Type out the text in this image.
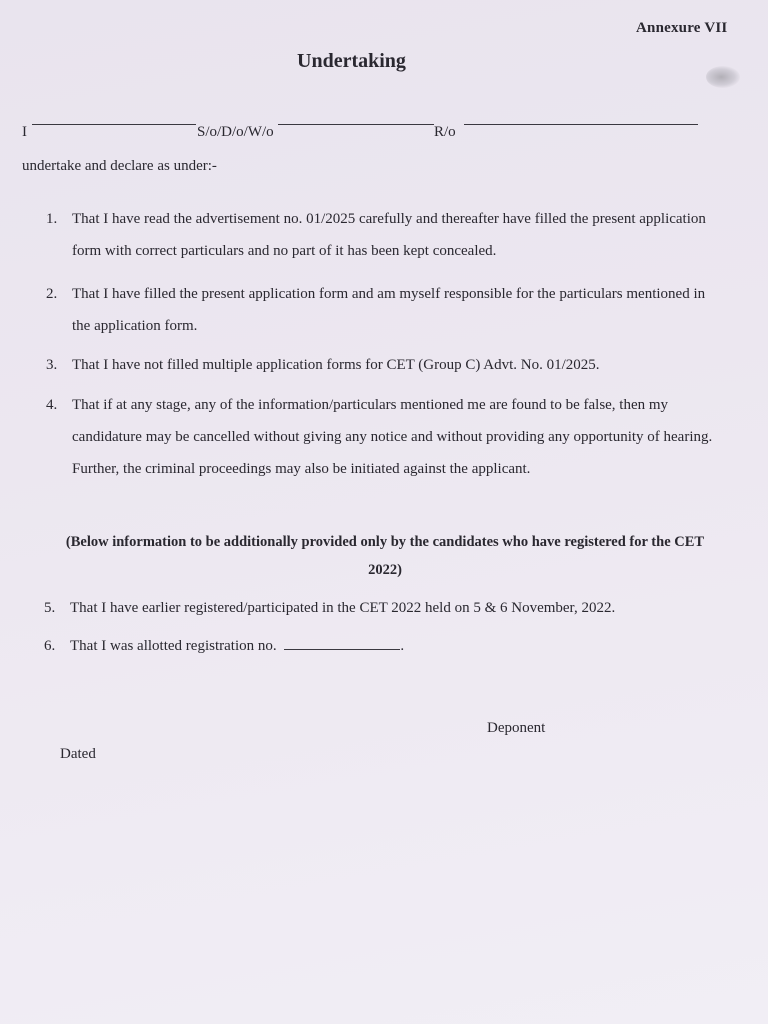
Annexure VII
Undertaking
I	S/o/D/o/W/o	R/o
undertake and declare as under:-
1. That I have read the advertisement no. 01/2025 carefully and thereafter have filled the present application
form with correct particulars and no part of it has been kept concealed.
2. That I have filled the present application form and am myself responsible for the particulars mentioned in
the application form.
3. That I have not filled multiple application forms for CET (Group C) Advt. No. 01/2025.
4. That if at any stage, any of the information/particulars mentioned me are found to be false, then my
candidature may be cancelled without giving any notice and without providing any opportunity of hearing.
Further, the criminal proceedings may also be initiated against the applicant.
(Below information to be additionally provided only by the candidates who have registered for the CET
2022)
5. That I have earlier registered/participated in the CET 2022 held on 5 & 6 November, 2022.
6. That I was allotted registration no.	.
Deponent
Dated
